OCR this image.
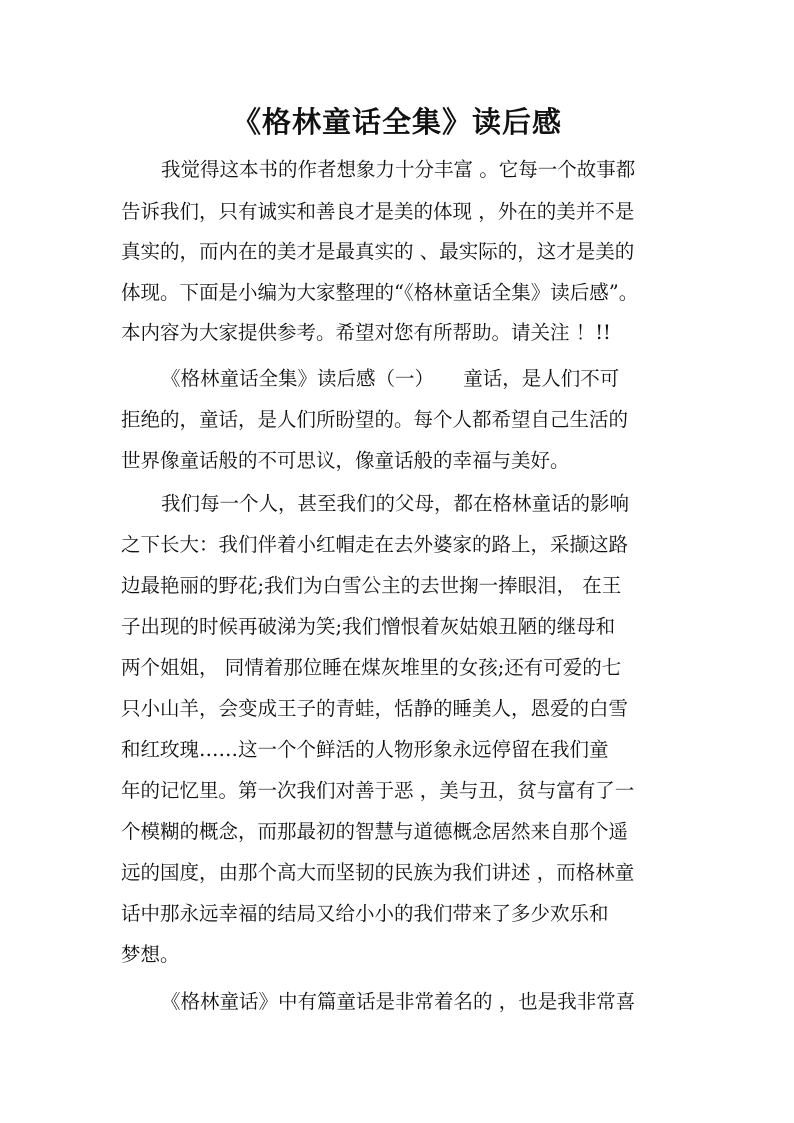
《格林童话全集》读后感
我觉得这本书的作者想象力十分丰富 。它每一个故事都
告诉我们，只有诚实和善良才是美的体现 ，外在的美并不是
真实的，而内在的美才是最真实的 、最实际的，这才是美的
体现。下面是小编为大家整理的“《格林童话全集》读后感”。
本内容为大家提供参考。希望对您有所帮助。请关注 ！!!
《格林童话全集》读后感（一）　　童话，是人们不可
拒绝的，童话，是人们所盼望的。每个人都希望自己生活的
世界像童话般的不可思议，像童话般的幸福与美好。
我们每一个人，甚至我们的父母，都在格林童话的影响
之下长大：我们伴着小红帽走在去外婆家的路上，采撷这路
边最艳丽的野花;我们为白雪公主的去世掬一捧眼泪， 在王
子出现的时候再破涕为笑;我们憎恨着灰姑娘丑陋的继母和
两个姐姐， 同情着那位睡在煤灰堆里的女孩;还有可爱的七
只小山羊，会变成王子的青蛙，恬静的睡美人，恩爱的白雪
和红玫瑰……这一个个鲜活的人物形象永远停留在我们童
年的记忆里。第一次我们对善于恶 ，美与丑，贫与富有了一
个模糊的概念，而那最初的智慧与道德概念居然来自那个遥
远的国度，由那个高大而坚韧的民族为我们讲述 ，而格林童
话中那永远幸福的结局又给小小的我们带来了多少欢乐和
梦想。
《格林童话》中有篇童话是非常着名的 ，也是我非常喜
